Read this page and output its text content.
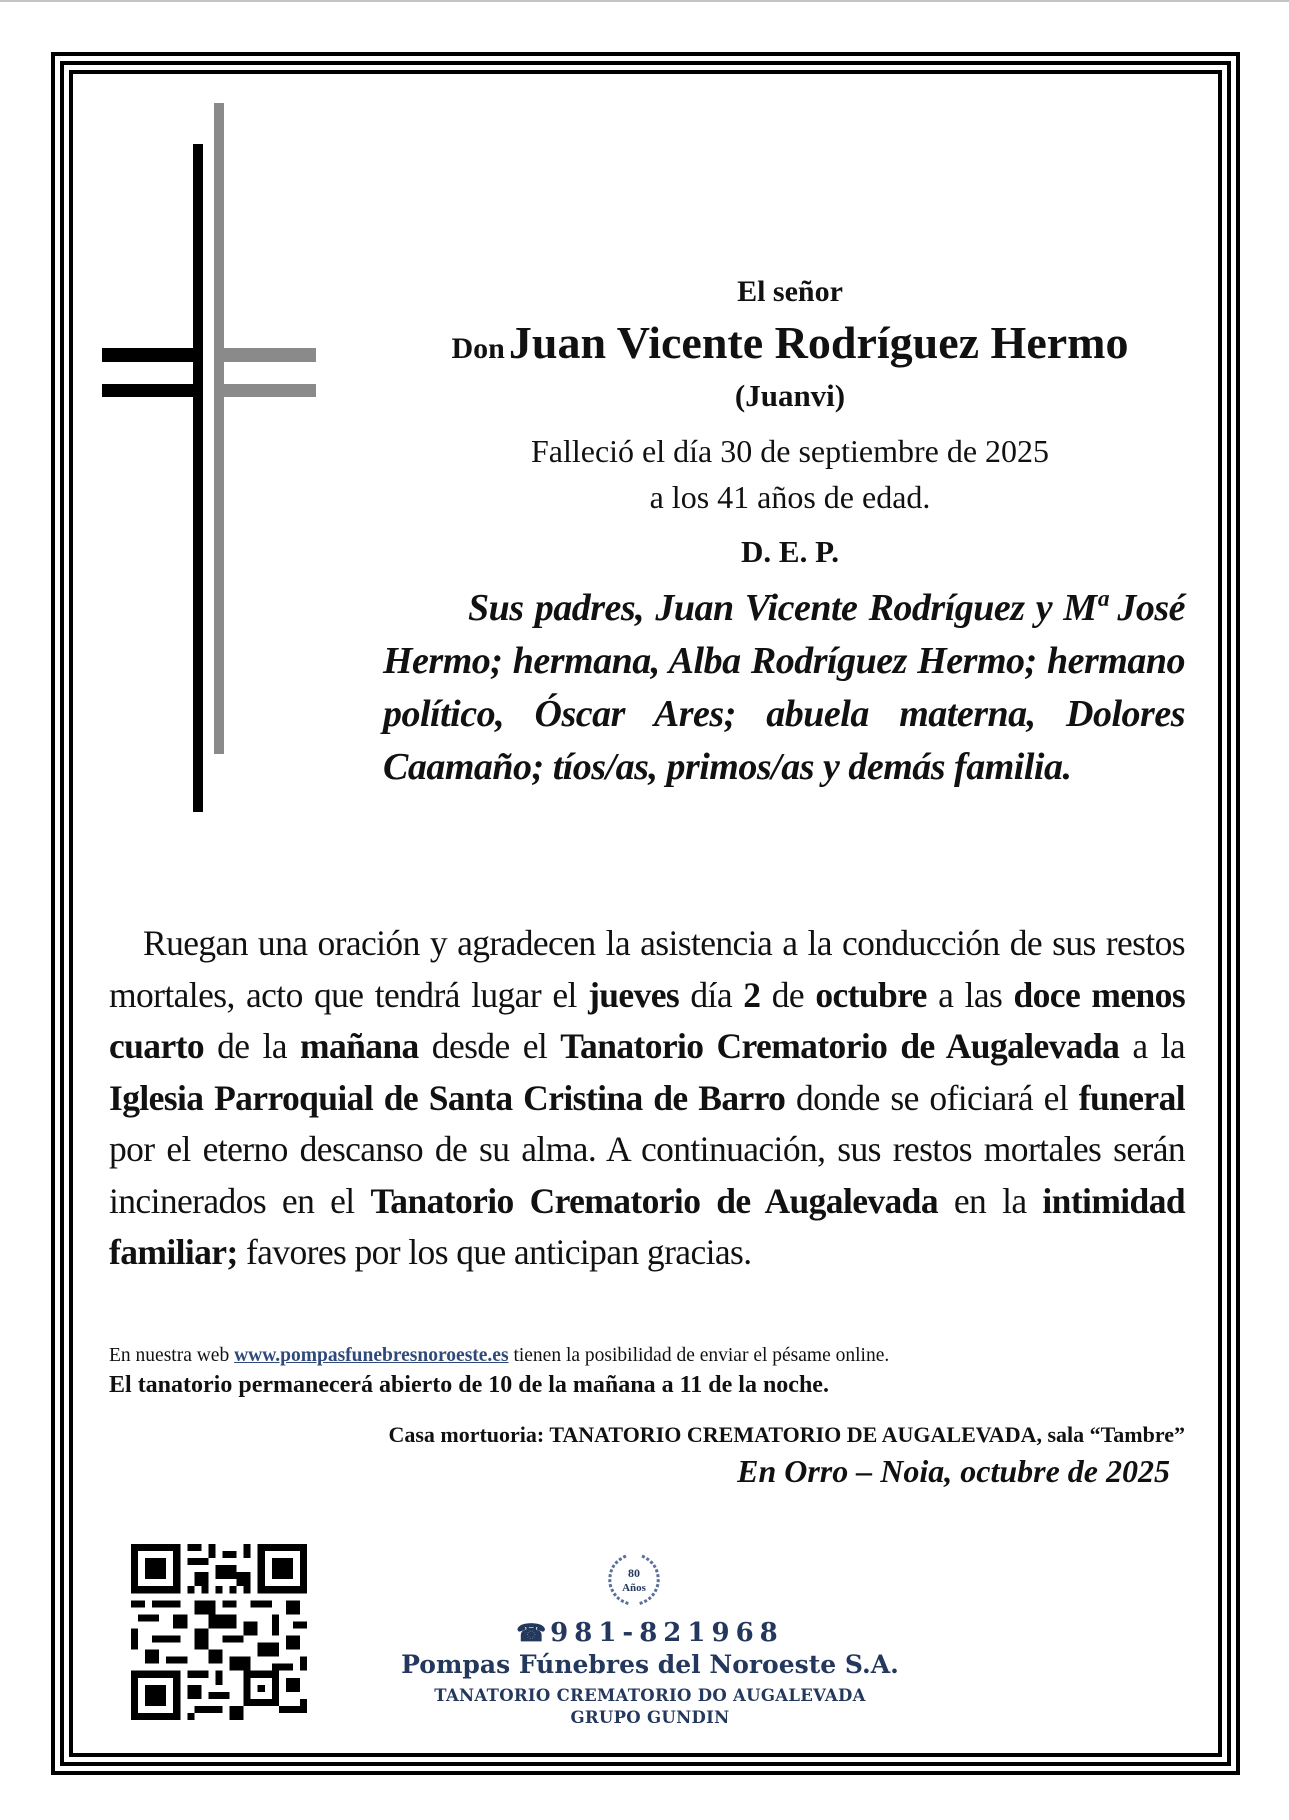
El señor
Don Juan Vicente Rodríguez Hermo
(Juanvi)
Falleció el día 30 de septiembre de 2025
a los 41 años de edad.
D. E. P.
Sus padres, Juan Vicente Rodríguez y Mª José Hermo; hermana, Alba Rodríguez Hermo; hermano político, Óscar Ares; abuela materna, Dolores Caamaño; tíos/as, primos/as y demás familia.
Ruegan una oración y agradecen la asistencia a la conducción de sus restos mortales, acto que tendrá lugar el jueves día 2 de octubre a las doce menos cuarto de la mañana desde el Tanatorio Crematorio de Augalevada a la Iglesia Parroquial de Santa Cristina de Barro donde se oficiará el funeral por el eterno descanso de su alma. A continuación, sus restos mortales serán incinerados en el Tanatorio Crematorio de Augalevada en la intimidad familiar; favores por los que anticipan gracias.
En nuestra web www.pompasfunebresnoroeste.es tienen la posibilidad de enviar el pésame online.
El tanatorio permanecerá abierto de 10 de la mañana a 11 de la noche.
Casa mortuoria: TANATORIO CREMATORIO DE AUGALEVADA, sala “Tambre”
En Orro – Noia, octubre de 2025
80
Años
☎ 981-821968
Pompas Fúnebres del Noroeste S.A.
TANATORIO CREMATORIO DO AUGALEVADA
GRUPO GUNDIN
